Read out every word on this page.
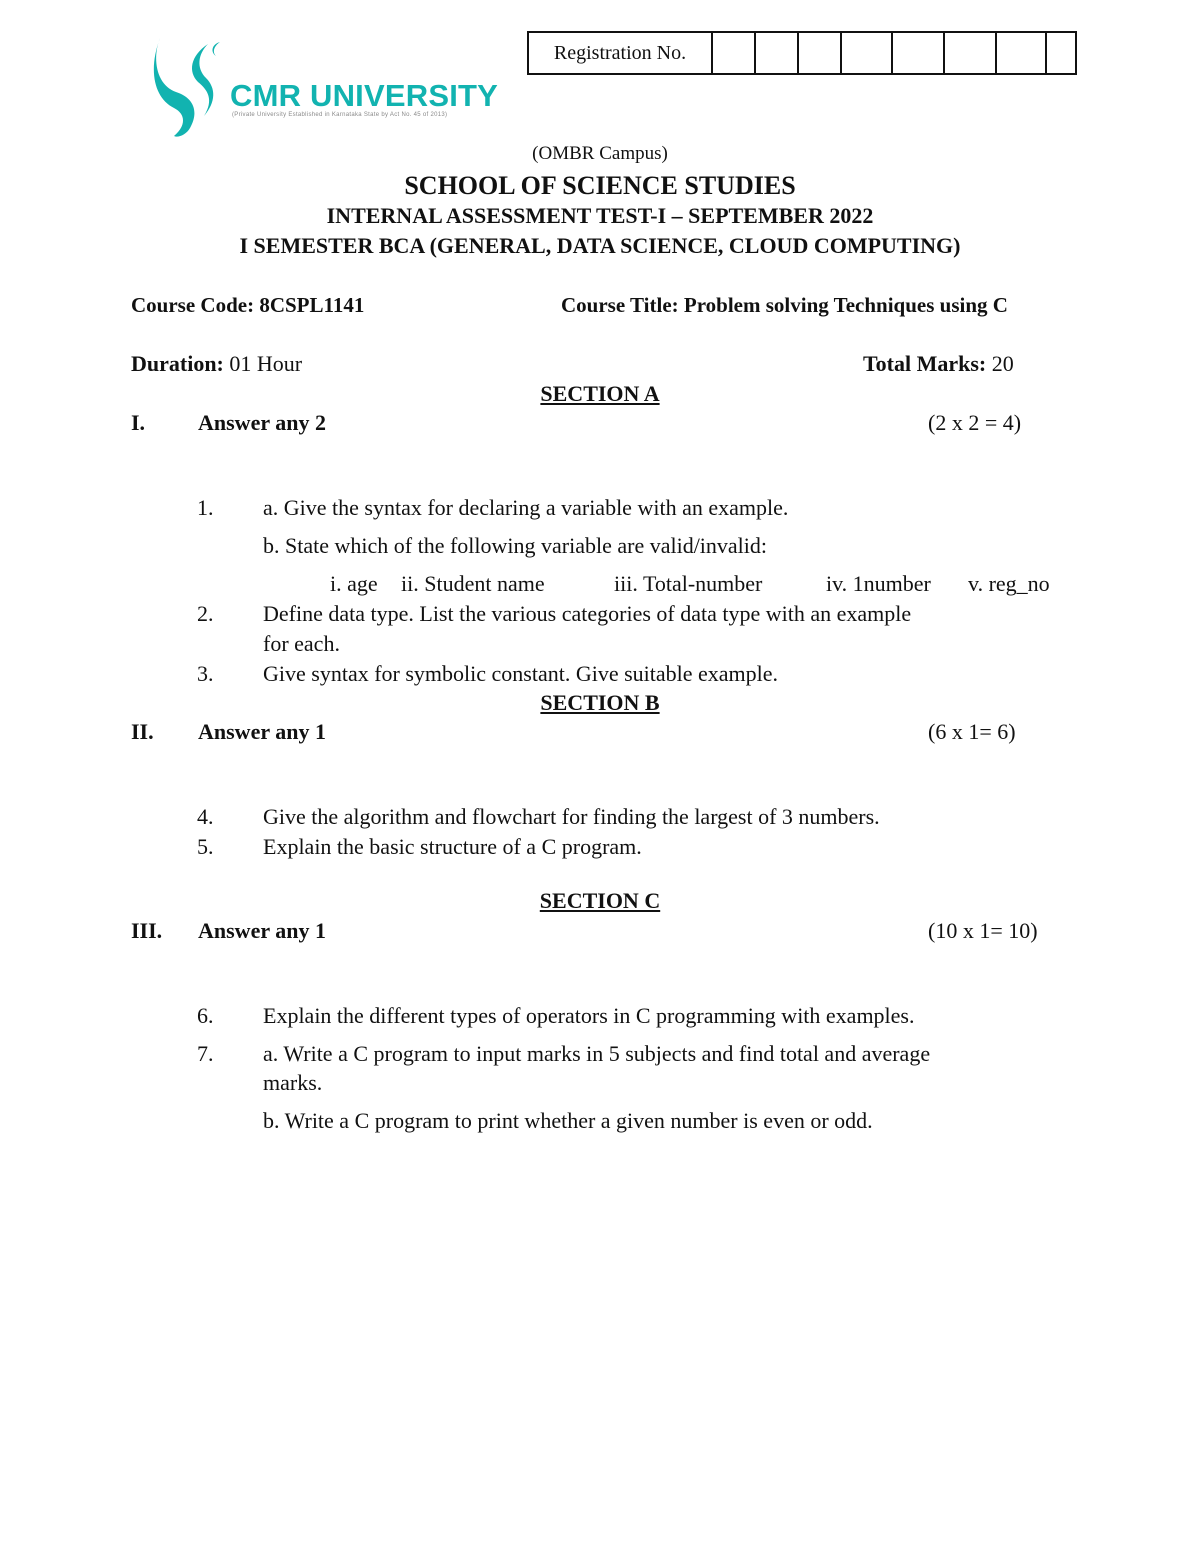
CMR UNIVERSITY
(Private University Established in Karnataka State by Act No. 45 of 2013)
Registration No.
(OMBR Campus)
SCHOOL OF SCIENCE STUDIES
INTERNAL ASSESSMENT TEST-I – SEPTEMBER 2022
I SEMESTER BCA (GENERAL, DATA SCIENCE, CLOUD COMPUTING)
Course Code: 8CSPL1141	Course Title: Problem solving Techniques using C
Duration: 01 Hour	Total Marks: 20
SECTION A
I. Answer any 2	(2 x 2 = 4)
1. a. Give the syntax for declaring a variable with an example.
b. State which of the following variable are valid/invalid:
i. age ii. Student name	iii. Total-number	iv. 1number v. reg_no
2. Define data type. List the various categories of data type with an example
for each.
3. Give syntax for symbolic constant. Give suitable example.
SECTION B
II. Answer any 1	(6 x 1= 6)
4. Give the algorithm and flowchart for finding the largest of 3 numbers.
5. Explain the basic structure of a C program.
SECTION C
III. Answer any 1	(10 x 1= 10)
6. Explain the different types of operators in C programming with examples.
7. a. Write a C program to input marks in 5 subjects and find total and average
marks.
b. Write a C program to print whether a given number is even or odd.
